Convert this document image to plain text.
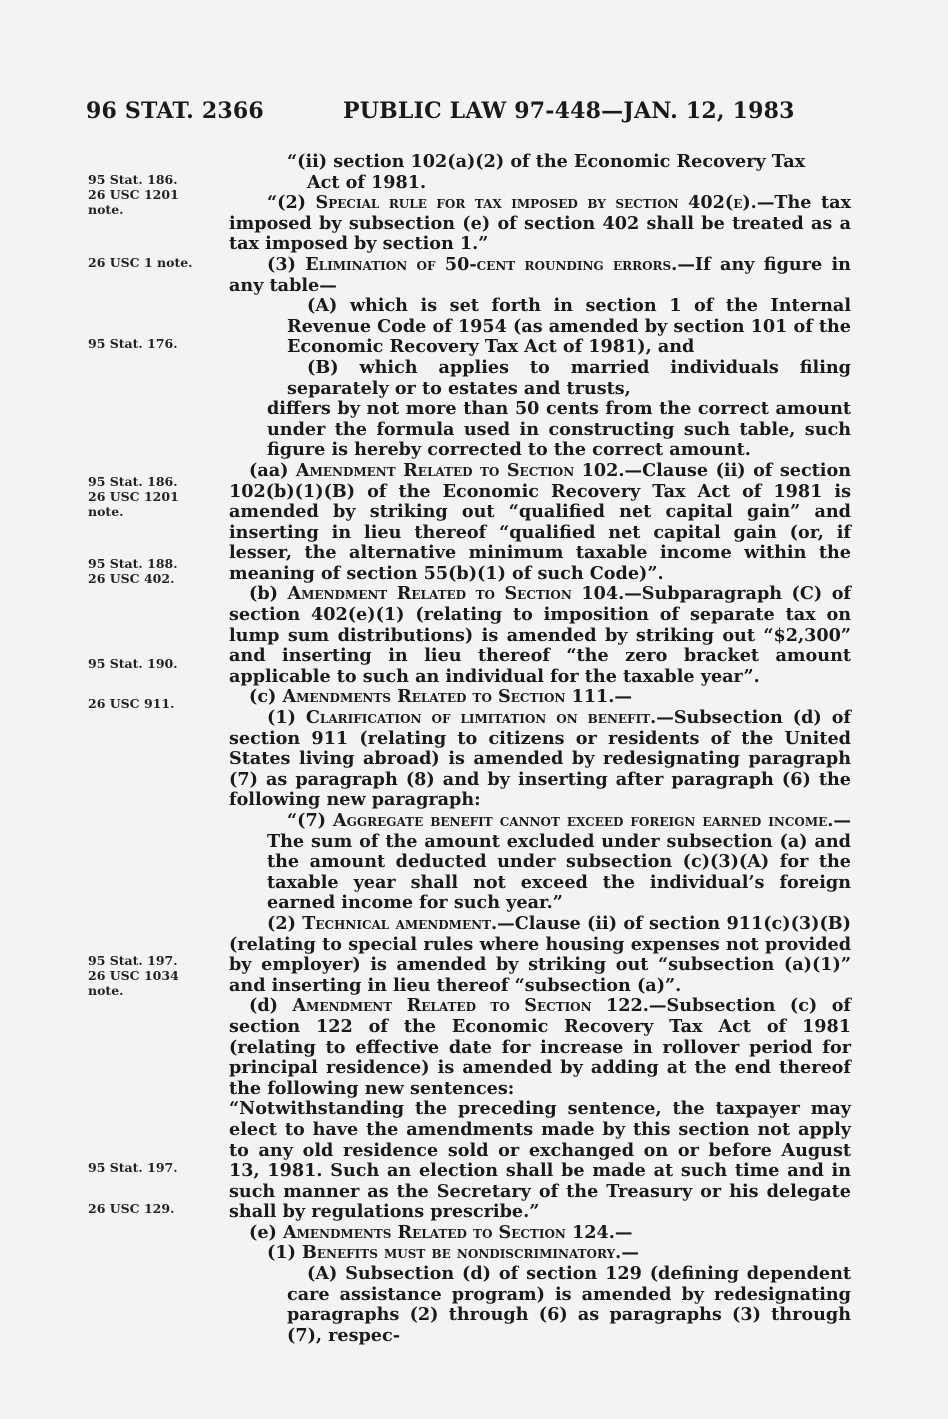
96 STAT. 2366	PUBLIC LAW 97-448—JAN. 12, 1983
95 Stat. 186.
26 USC 1201
note.
26 USC 1 note.
95 Stat. 176.
95 Stat. 186.
26 USC 1201
note.
95 Stat. 188.
26 USC 402.
95 Stat. 190.
26 USC 911.
95 Stat. 197.
26 USC 1034
note.
95 Stat. 197.
26 USC 129.

“(ii) section 102(a)(2) of the Economic Recovery Tax

Act of 1981.

“(2) Special rule for tax imposed by section 402(e).—The tax imposed by subsection (e) of section 402 shall be treated as a tax imposed by section 1.”

(3) Elimination of 50-cent rounding errors.—If any figure in any table—

(A) which is set forth in section 1 of the Internal Revenue Code of 1954 (as amended by section 101 of the Economic Recovery Tax Act of 1981), and

(B) which applies to married individuals filing separately or to estates and trusts,

differs by not more than 50 cents from the correct amount under the formula used in constructing such table, such figure is hereby corrected to the correct amount.

(aa) Amendment Related to Section 102.—Clause (ii) of section 102(b)(1)(B) of the Economic Recovery Tax Act of 1981 is amended by striking out “qualified net capital gain” and inserting in lieu thereof “qualified net capital gain (or, if lesser, the alternative minimum taxable income within the meaning of section 55(b)(1) of such Code)”.

(b) Amendment Related to Section 104.—Subparagraph (C) of section 402(e)(1) (relating to imposition of separate tax on lump sum distributions) is amended by striking out “$2,300” and inserting in lieu thereof “the zero bracket amount applicable to such an individual for the taxable year”.

(c) Amendments Related to Section 111.—

(1) Clarification of limitation on benefit.—Subsection (d) of section 911 (relating to citizens or residents of the United States living abroad) is amended by redesignating paragraph (7) as paragraph (8) and by inserting after paragraph (6) the following new paragraph:

“(7) Aggregate benefit cannot exceed foreign earned income.—The sum of the amount excluded under subsection (a) and the amount deducted under subsection (c)(3)(A) for the taxable year shall not exceed the individual’s foreign earned income for such year.”

(2) Technical amendment.—Clause (ii) of section 911(c)(3)(B) (relating to special rules where housing expenses not provided by employer) is amended by striking out “subsection (a)(1)” and inserting in lieu thereof “subsection (a)”.

(d) Amendment Related to Section 122.—Subsection (c) of section 122 of the Economic Recovery Tax Act of 1981 (relating to effective date for increase in rollover period for principal residence) is amended by adding at the end thereof the following new sentences:

“Notwithstanding the preceding sentence, the taxpayer may elect to have the amendments made by this section not apply to any old residence sold or exchanged on or before August 13, 1981. Such an election shall be made at such time and in such manner as the Secretary of the Treasury or his delegate shall by regulations prescribe.”

(e) Amendments Related to Section 124.—

(1) Benefits must be nondiscriminatory.—

(A) Subsection (d) of section 129 (defining dependent care assistance program) is amended by redesignating paragraphs (2) through (6) as paragraphs (3) through (7), respec-
